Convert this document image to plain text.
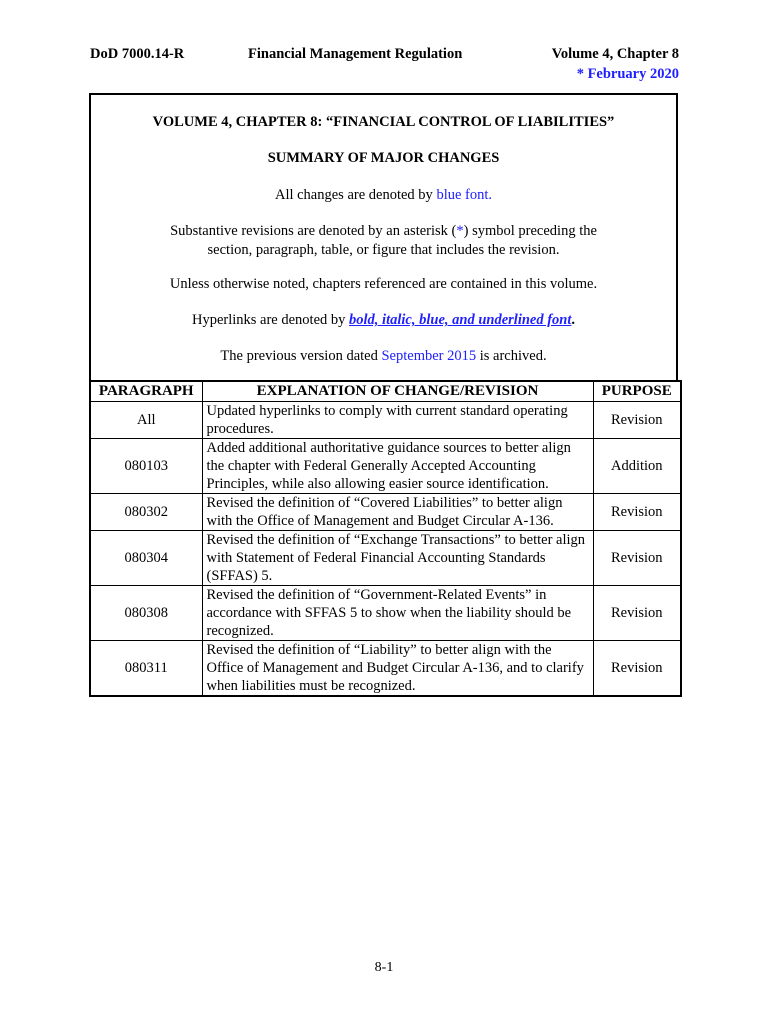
DoD 7000.14-R	Financial Management Regulation	Volume 4, Chapter 8
* February 2020
VOLUME 4, CHAPTER 8: “FINANCIAL CONTROL OF LIABILITIES”
SUMMARY OF MAJOR CHANGES
All changes are denoted by blue font.
Substantive revisions are denoted by an asterisk (*) symbol preceding the
section, paragraph, table, or figure that includes the revision.
Unless otherwise noted, chapters referenced are contained in this volume.
Hyperlinks are denoted by bold, italic, blue, and underlined font.
The previous version dated September 2015 is archived.
PARAGRAPH	EXPLANATION OF CHANGE/REVISION	PURPOSE
All	Updated hyperlinks to comply with current standard operating procedures.	Revision
080103	Added additional authoritative guidance sources to better align the chapter with Federal Generally Accepted Accounting Principles, while also allowing easier source identification.	Addition
080302	Revised the definition of “Covered Liabilities” to better align with the Office of Management and Budget Circular A-136.	Revision
080304	Revised the definition of “Exchange Transactions” to better align with Statement of Federal Financial Accounting Standards (SFFAS) 5.	Revision
080308	Revised the definition of “Government-Related Events” in accordance with SFFAS 5 to show when the liability should be recognized.	Revision
080311	Revised the definition of “Liability” to better align with the Office of Management and Budget Circular A-136, and to clarify when liabilities must be recognized.	Revision
8-1
